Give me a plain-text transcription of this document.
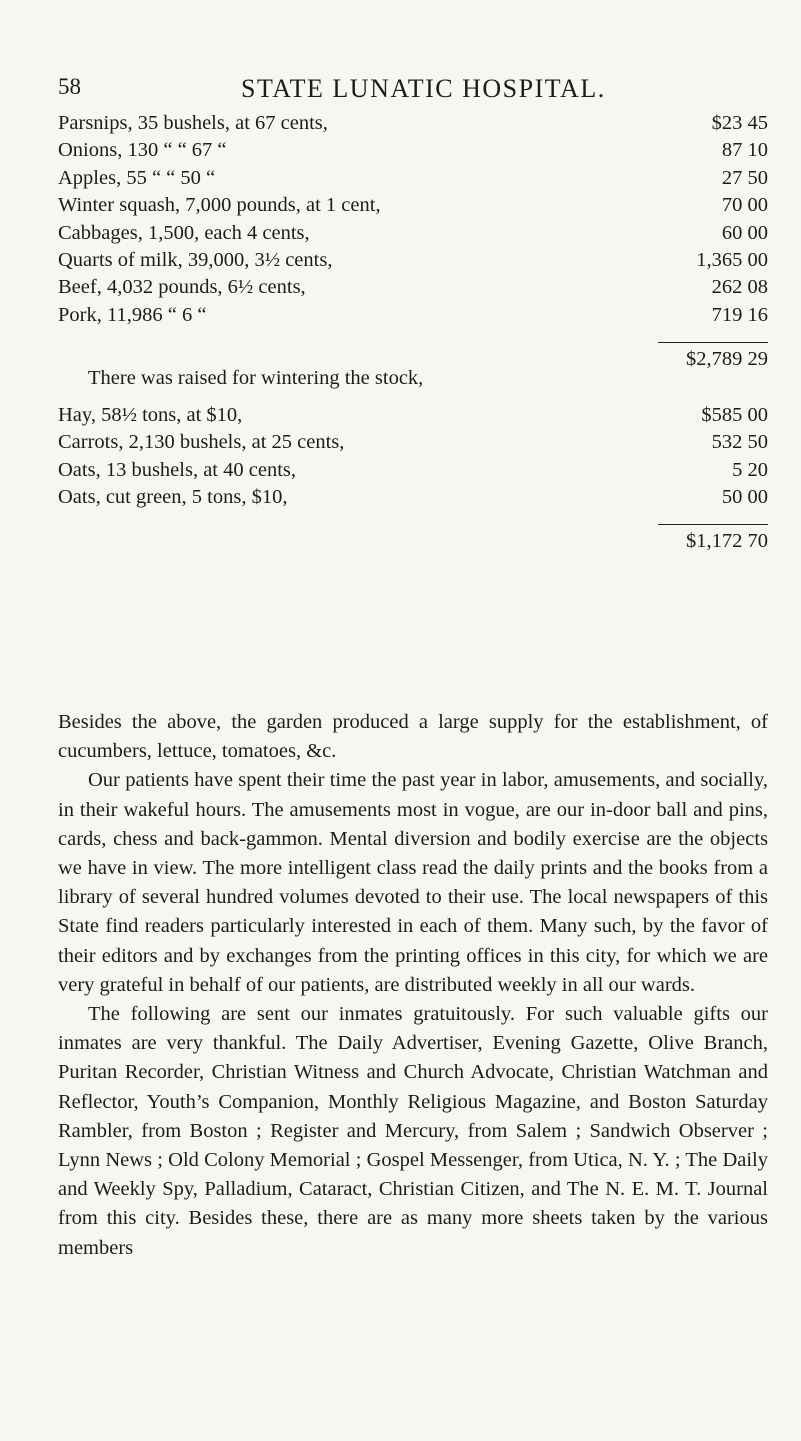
58	STATE LUNATIC HOSPITAL.
Parsnips, 35 bushels, at 67 cents,	$23 45
Onions, 130 “ “ 67 “	87 10
Apples, 55 “ “ 50 “	27 50
Winter squash, 7,000 pounds, at 1 cent,	70 00
Cabbages, 1,500, each 4 cents,	60 00
Quarts of milk, 39,000, 3½ cents,	1,365 00
Beef, 4,032 pounds, 6½ cents,	262 08
Pork, 11,986 “ 6 “	719 16
$2,789 29
There was raised for wintering the stock,
Hay, 58½ tons, at $10,	$585 00
Carrots, 2,130 bushels, at 25 cents,	532 50
Oats, 13 bushels, at 40 cents,	5 20
Oats, cut green, 5 tons, $10,	50 00
$1,172 70

Besides the above, the garden produced a large supply for the establishment, of cucumbers, lettuce, tomatoes, &c.

Our patients have spent their time the past year in labor, amusements, and socially, in their wakeful hours. The amusements most in vogue, are our in-door ball and pins, cards, chess and back-gammon. Mental diversion and bodily exercise are the objects we have in view. The more intelligent class read the daily prints and the books from a library of several hundred volumes devoted to their use. The local newspapers of this State find readers particularly interested in each of them. Many such, by the favor of their editors and by exchanges from the printing offices in this city, for which we are very grateful in behalf of our patients, are distributed weekly in all our wards.

The following are sent our inmates gratuitously. For such valuable gifts our inmates are very thankful. The Daily Advertiser, Evening Gazette, Olive Branch, Puritan Recorder, Christian Witness and Church Advocate, Christian Watchman and Reflector, Youth’s Companion, Monthly Religious Magazine, and Boston Saturday Rambler, from Boston ; Register and Mercury, from Salem ; Sandwich Observer ; Lynn News ; Old Colony Memorial ; Gospel Messenger, from Utica, N. Y. ; The Daily and Weekly Spy, Palladium, Cataract, Christian Citizen, and The N. E. M. T. Journal from this city. Besides these, there are as many more sheets taken by the various members
